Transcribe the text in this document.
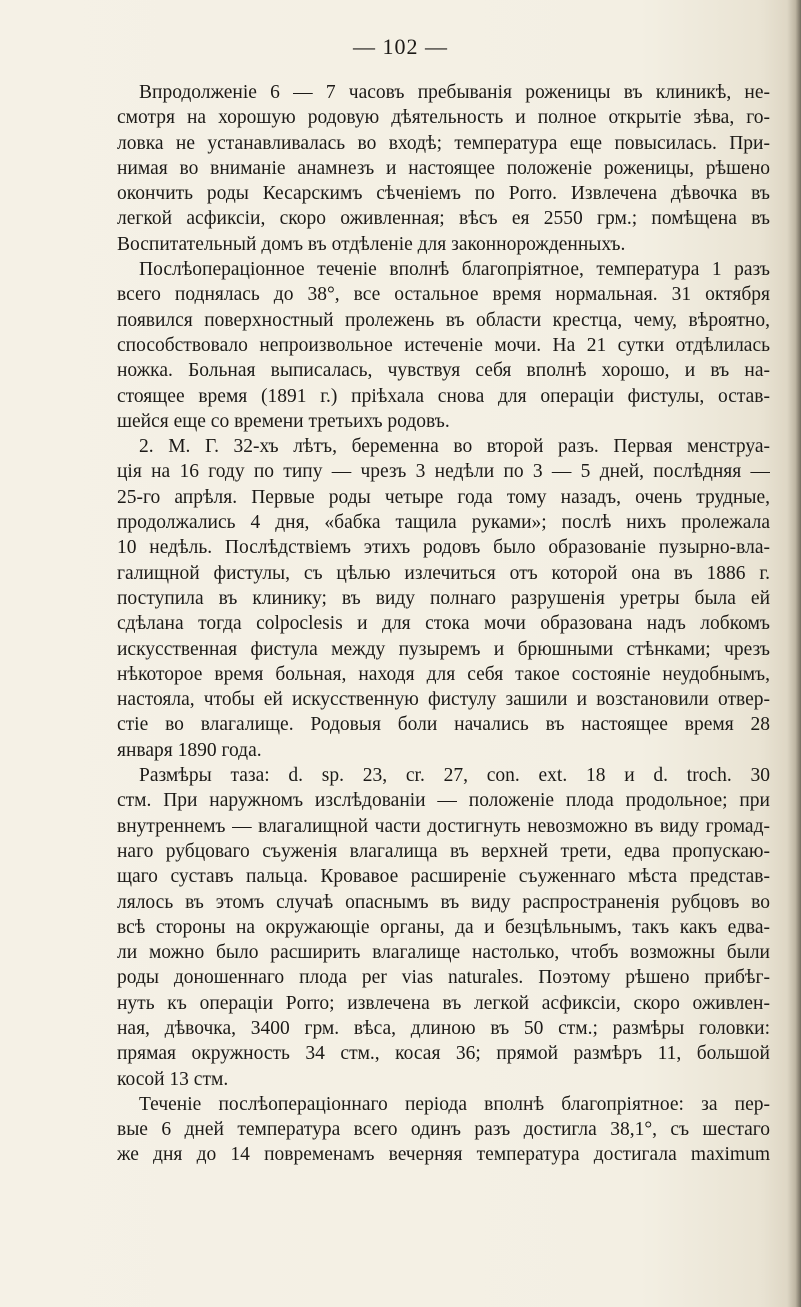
— 102 —
Впродолженіе 6 — 7 часовъ пребыванія роженицы въ клиникѣ, не-
смотря на хорошую родовую дѣятельность и полное открытіе зѣва, го-
ловка не устанавливалась во входѣ; температура еще повысилась. При-
нимая во вниманіе анамнезъ и настоящее положеніе роженицы, рѣшено
окончить роды Кесарскимъ сѣченіемъ по Рorro. Извлечена дѣвочка въ
легкой асфиксіи, скоро оживленная; вѣсъ ея 2550 грм.; помѣщена въ
Воспитательный домъ въ отдѣленіе для законнорожденныхъ.
Послѣопераціонное теченіе вполнѣ благопріятное, температура 1 разъ
всего поднялась до 38°, все остальное время нормальная. 31 октября
появился поверхностный пролежень въ области крестца, чему, вѣроятно,
способствовало непроизвольное истеченіе мочи. На 21 сутки отдѣлилась
ножка. Больная выписалась, чувствуя себя вполнѣ хорошо, и въ на-
стоящее время (1891 г.) пріѣхала снова для операціи фистулы, остав-
шейся еще со времени третьихъ родовъ.
2. М. Г. 32-хъ лѣтъ, беременна во второй разъ. Первая менструа-
ція на 16 году по типу — чрезъ 3 недѣли по 3 — 5 дней, послѣдняя —
25-го апрѣля. Первые роды четыре года тому назадъ, очень трудные,
продолжались 4 дня, «бабка тащила руками»; послѣ нихъ пролежала
10 недѣль. Послѣдствіемъ этихъ родовъ было образованіе пузырно-вла-
галищной фистулы, съ цѣлью излечиться отъ которой она въ 1886 г.
поступила въ клинику; въ виду полнаго разрушенія уретры была ей
сдѣлана тогда colpoclesis и для стока мочи образована надъ лобкомъ
искусственная фистула между пузыремъ и брюшными стѣнками; чрезъ
нѣкоторое время больная, находя для себя такое состояніе неудобнымъ,
настояла, чтобы ей искусственную фистулу зашили и возстановили отвер-
стіе во влагалище. Родовыя боли начались въ настоящее время 28
января 1890 года.
Размѣры таза: d. sp. 23, cr. 27, con. ext. 18 и d. troch. 30
стм. При наружномъ изслѣдованіи — положеніе плода продольное; при
внутреннемъ — влагалищной части достигнуть невозможно въ виду громад-
наго рубцоваго съуженія влагалища въ верхней трети, едва пропускаю-
щаго суставъ пальца. Кровавое расширеніе съуженнаго мѣста представ-
лялось въ этомъ случаѣ опаснымъ въ виду распространенія рубцовъ во
всѣ стороны на окружающіе органы, да и безцѣльнымъ, такъ какъ едва-
ли можно было расширить влагалище настолько, чтобъ возможны были
роды доношеннаго плода per vias naturales. Поэтому рѣшено прибѣг-
нуть къ операціи Рorro; извлечена въ легкой асфиксіи, скоро оживлен-
ная, дѣвочка, 3400 грм. вѣса, длиною въ 50 стм.; размѣры головки:
прямая окружность 34 стм., косая 36; прямой размѣръ 11, большой
косой 13 стм.
Теченіе послѣопераціоннаго періода вполнѣ благопріятное: за пер-
вые 6 дней температура всего одинъ разъ достигла 38,1°, съ шестаго
же дня до 14 повременамъ вечерняя температура достигала maximum
